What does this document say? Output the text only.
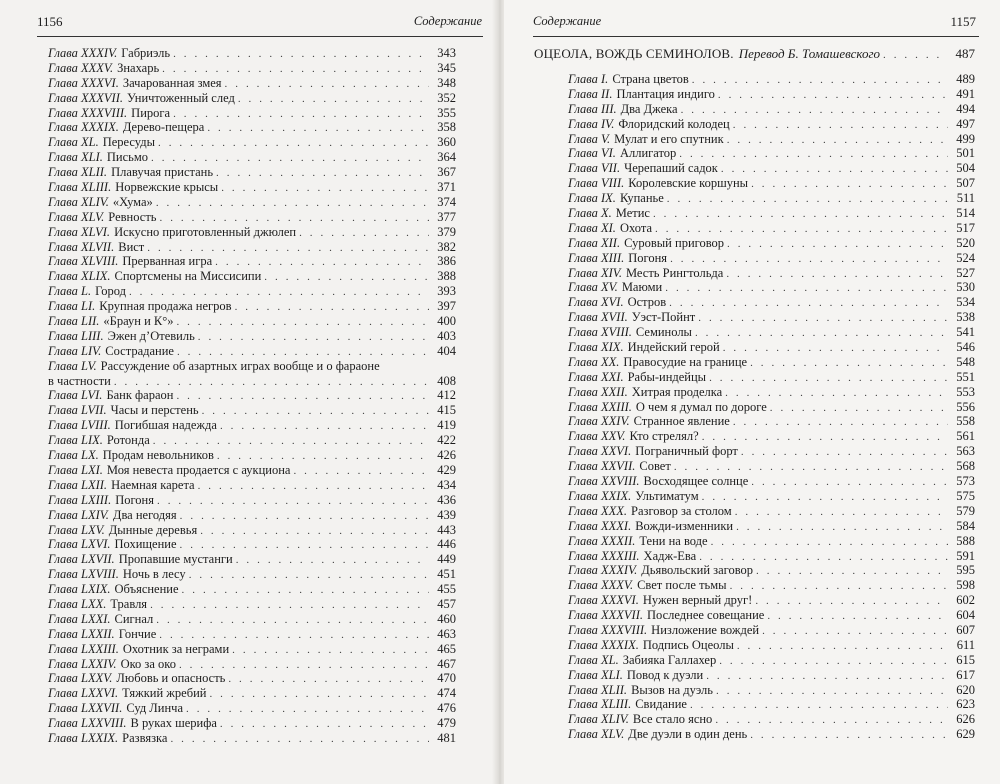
1156	Содержание
Глава XXXIV. Габриэль . . .	343
Глава XXXV. Знахарь . . .	345
Глава XXXVI. Зачарованная змея . . .	348
Глава XXXVII. Уничтоженный след . . .	352
Глава XXXVIII. Пирога . . .	355
Глава XXXIX. Дерево-пещера . . .	358
Глава XL. Пересуды . . .	360
Глава XLI. Письмо . . .	364
Глава XLII. Плавучая пристань . . .	367
Глава XLIII. Норвежские крысы . . .	371
Глава XLIV. «Хума» . . .	374
Глава XLV. Ревность . . .	377
Глава XLVI. Искусно приготовленный джюлеп . . .	379
Глава XLVII. Вист . . .	382
Глава XLVIII. Прерванная игра . . .	386
Глава XLIX. Спортсмены на Миссисипи . . .	388
Глава L. Город . . .	393
Глава LI. Крупная продажа негров . . .	397
Глава LII. «Браун и К°» . . .	400
Глава LIII. Эжен д’Отевиль . . .	403
Глава LIV. Сострадание . . .	404
Глава LV. Рассуждение об азартных играх вообще и о фараоне
в частности . . .	408
Глава LVI. Банк фараон . . .	412
Глава LVII. Часы и перстень . . .	415
Глава LVIII. Погибшая надежда . . .	419
Глава LIX. Ротонда . . .	422
Глава LX. Продам невольников . . .	426
Глава LXI. Моя невеста продается с аукциона . . .	429
Глава LXII. Наемная карета . . .	434
Глава LXIII. Погоня . . .	436
Глава LXIV. Два негодяя . . .	439
Глава LXV. Дынные деревья . . .	443
Глава LXVI. Похищение . . .	446
Глава LXVII. Пропавшие мустанги . . .	449
Глава LXVIII. Ночь в лесу . . .	451
Глава LXIX. Объяснение . . .	455
Глава LXX. Травля . . .	457
Глава LXXI. Сигнал . . .	460
Глава LXXII. Гончие . . .	463
Глава LXXIII. Охотник за неграми . . .	465
Глава LXXIV. Око за око . . .	467
Глава LXXV. Любовь и опасность . . .	470
Глава LXXVI. Тяжкий жребий . . .	474
Глава LXXVII. Суд Линча . . .	476
Глава LXXVIII. В руках шерифа . . .	479
Глава LXXIX. Развязка . . .	481
Содержание	1157
ОЦЕОЛА, ВОЖДЬ СЕМИНОЛОВ. Перевод Б. Томашевского . . .	487
Глава I. Страна цветов . . .	489
Глава II. Плантация индиго . . .	491
Глава III. Два Джека . . .	494
Глава IV. Флоридский колодец . . .	497
Глава V. Мулат и его спутник . . .	499
Глава VI. Аллигатор . . .	501
Глава VII. Черепаший садок . . .	504
Глава VIII. Королевские коршуны . . .	507
Глава IX. Купанье . . .	511
Глава X. Метис . . .	514
Глава XI. Охота . . .	517
Глава XII. Суровый приговор . . .	520
Глава XIII. Погоня . . .	524
Глава XIV. Месть Рингтольда . . .	527
Глава XV. Маюми . . .	530
Глава XVI. Остров . . .	534
Глава XVII. Уэст-Пойнт . . .	538
Глава XVIII. Семинолы . . .	541
Глава XIX. Индейский герой . . .	546
Глава XX. Правосудие на границе . . .	548
Глава XXI. Рабы-индейцы . . .	551
Глава XXII. Хитрая проделка . . .	553
Глава XXIII. О чем я думал по дороге . . .	556
Глава XXIV. Странное явление . . .	558
Глава XXV. Кто стрелял? . . .	561
Глава XXVI. Пограничный форт . . .	563
Глава XXVII. Совет . . .	568
Глава XXVIII. Восходящее солнце . . .	573
Глава XXIX. Ультиматум . . .	575
Глава XXX. Разговор за столом . . .	579
Глава XXXI. Вожди-изменники . . .	584
Глава XXXII. Тени на воде . . .	588
Глава XXXIII. Хадж-Ева . . .	591
Глава XXXIV. Дьявольский заговор . . .	595
Глава XXXV. Свет после тьмы . . .	598
Глава XXXVI. Нужен верный друг! . . .	602
Глава XXXVII. Последнее совещание . . .	604
Глава XXXVIII. Низложение вождей . . .	607
Глава XXXIX. Подпись Оцеолы . . .	611
Глава XL. Забияка Галлахер . . .	615
Глава XLI. Повод к дуэли . . .	617
Глава XLII. Вызов на дуэль . . .	620
Глава XLIII. Свидание . . .	623
Глава XLIV. Все стало ясно . . .	626
Глава XLV. Две дуэли в один день . . .	629
